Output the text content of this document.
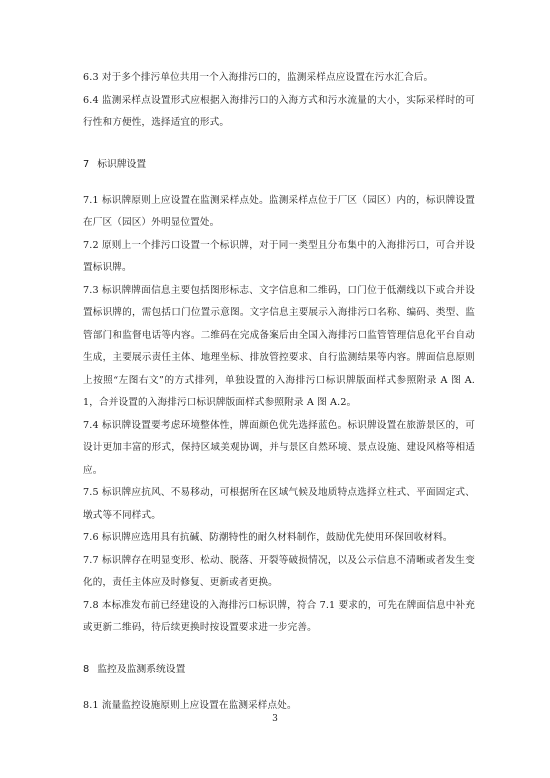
6.3 对于多个排污单位共用一个入海排污口的，监测采样点应设置在污水汇合后。

6.4 监测采样点设置形式应根据入海排污口的入海方式和污水流量的大小，实际采样时的可行性和方便性，选择适宜的形式。

7 标识牌设置

7.1 标识牌原则上应设置在监测采样点处。监测采样点位于厂区（园区）内的，标识牌设置在厂区（园区）外明显位置处。

7.2 原则上一个排污口设置一个标识牌，对于同一类型且分布集中的入海排污口，可合并设置标识牌。

7.3 标识牌牌面信息主要包括图形标志、文字信息和二维码，口门位于低潮线以下或合并设置标识牌的，需包括口门位置示意图。文字信息主要展示入海排污口名称、编码、类型、监管部门和监督电话等内容。二维码在完成备案后由全国入海排污口监管管理信息化平台自动生成，主要展示责任主体、地理坐标、排放管控要求、自行监测结果等内容。牌面信息原则上按照“左图右文”的方式排列，单独设置的入海排污口标识牌版面样式参照附录 A 图 A.1，合并设置的入海排污口标识牌版面样式参照附录 A 图 A.2。

7.4 标识牌设置要考虑环境整体性，牌面颜色优先选择蓝色。标识牌设置在旅游景区的，可设计更加丰富的形式，保持区域美观协调，并与景区自然环境、景点设施、建设风格等相适应。

7.5 标识牌应抗风、不易移动，可根据所在区域气候及地质特点选择立柱式、平面固定式、墩式等不同样式。

7.6 标识牌应选用具有抗碱、防潮特性的耐久材料制作，鼓励优先使用环保回收材料。

7.7 标识牌存在明显变形、松动、脱落、开裂等破损情况，以及公示信息不清晰或者发生变化的，责任主体应及时修复、更新或者更换。

7.8 本标准发布前已经建设的入海排污口标识牌，符合 7.1 要求的，可先在牌面信息中补充或更新二维码，待后续更换时按设置要求进一步完善。

8 监控及监测系统设置

8.1 流量监控设施原则上应设置在监测采样点处。

3
